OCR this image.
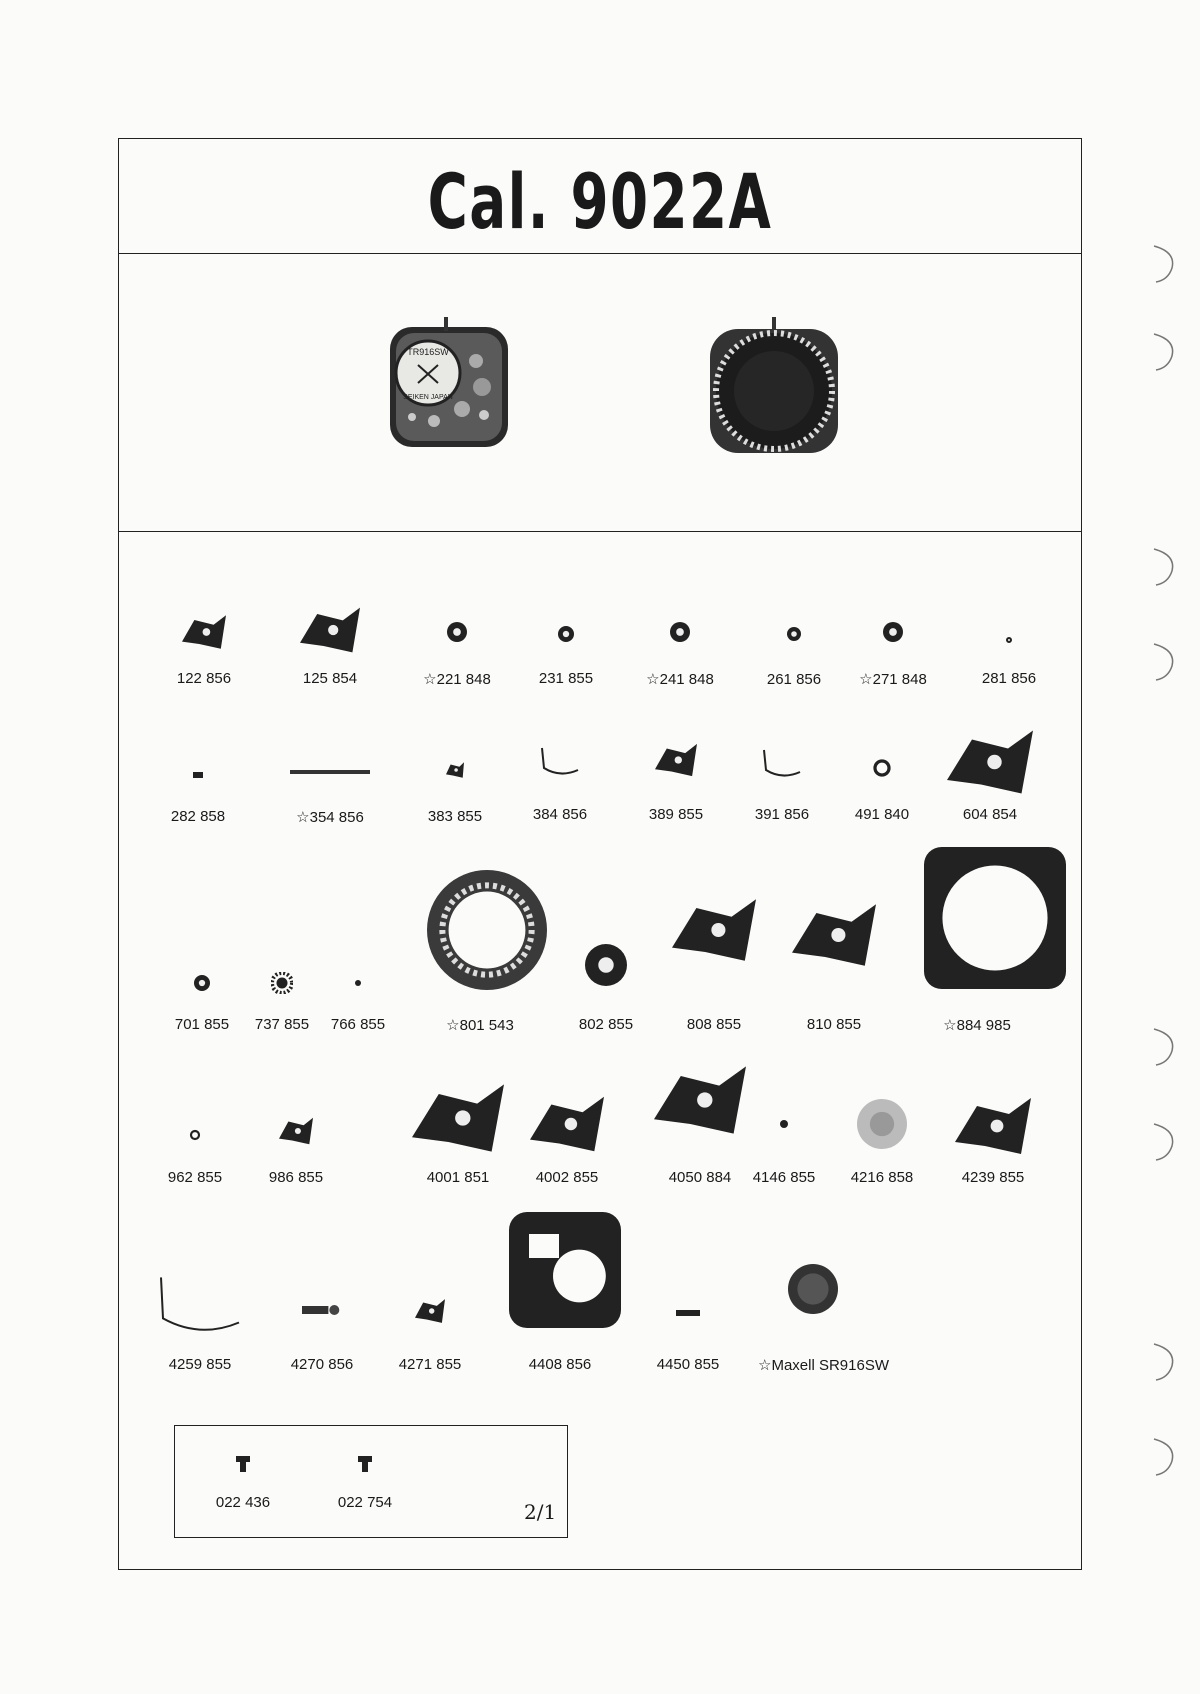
Cal. 9022A
TR916SW
SEIKEN JAPAN
122 856	125 854	☆221 848	231 855	☆241 848	261 856	☆271 848	281 856
282 858	☆354 856	383 855	384 856	389 855	391 856	491 840	604 854
701 855	737 855	766 855	☆801 543	802 855	808 855	810 855	☆884 985
962 855	986 855	4001 851	4002 855	4050 884	4146 855	4216 858	4239 855
4259 855	4270 856	4271 855	4408 856	4450 855	☆Maxell SR916SW
022 436	022 754	2/1
